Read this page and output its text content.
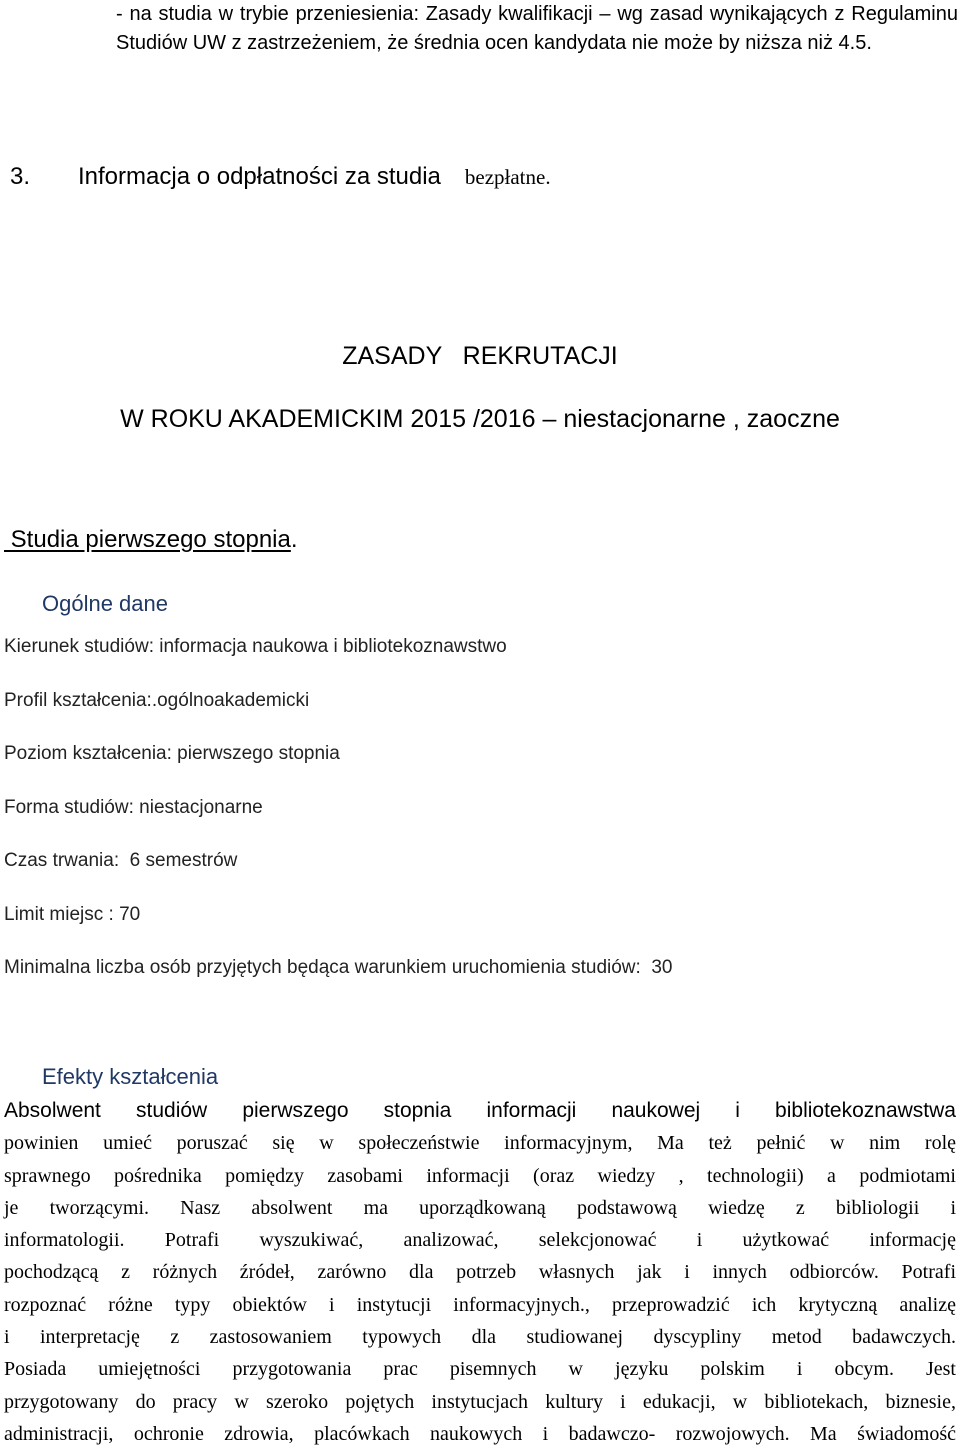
- na studia w trybie przeniesienia: Zasady kwalifikacji – wg zasad wynikających z Regulaminu Studiów UW z zastrzeżeniem, że średnia ocen kandydata nie może by niższa niż 4.5.
3. Informacja o odpłatności za studia bezpłatne.
ZASADY   REKRUTACJI
W ROKU AKADEMICKIM 2015 /2016 – niestacjonarne , zaoczne
Studia pierwszego stopnia.
Ogólne dane
Kierunek studiów: informacja naukowa i bibliotekoznawstwo
Profil kształcenia:.ogólnoakademicki
Poziom kształcenia: pierwszego stopnia
Forma studiów: niestacjonarne
Czas trwania:  6 semestrów
Limit miejsc : 70
Minimalna liczba osób przyjętych będąca warunkiem uruchomienia studiów:  30
Efekty kształcenia
Absolwent studiów pierwszego stopnia informacji naukowej i bibliotekoznawstwa
powinien umieć poruszać się w społeczeństwie informacyjnym, Ma też pełnić w nim rolę
sprawnego pośrednika pomiędzy zasobami informacji (oraz wiedzy , technologii) a podmiotami
je tworzącymi. Nasz absolwent ma uporządkowaną podstawową wiedzę z bibliologii i
informatologii. Potrafi wyszukiwać, analizować, selekcjonować i użytkować informację
pochodzącą z różnych źródeł, zarówno dla potrzeb własnych jak i innych odbiorców. Potrafi
rozpoznać różne typy obiektów i instytucji informacyjnych., przeprowadzić ich krytyczną analizę
i interpretację z zastosowaniem typowych dla studiowanej dyscypliny metod badawczych.
Posiada umiejętności przygotowania prac pisemnych w języku polskim i obcym. Jest
przygotowany do pracy w szeroko pojętych instytucjach kultury i edukacji, w bibliotekach, biznesie,
administracji, ochronie zdrowia, placówkach naukowych i badawczo- rozwojowych. Ma świadomość
